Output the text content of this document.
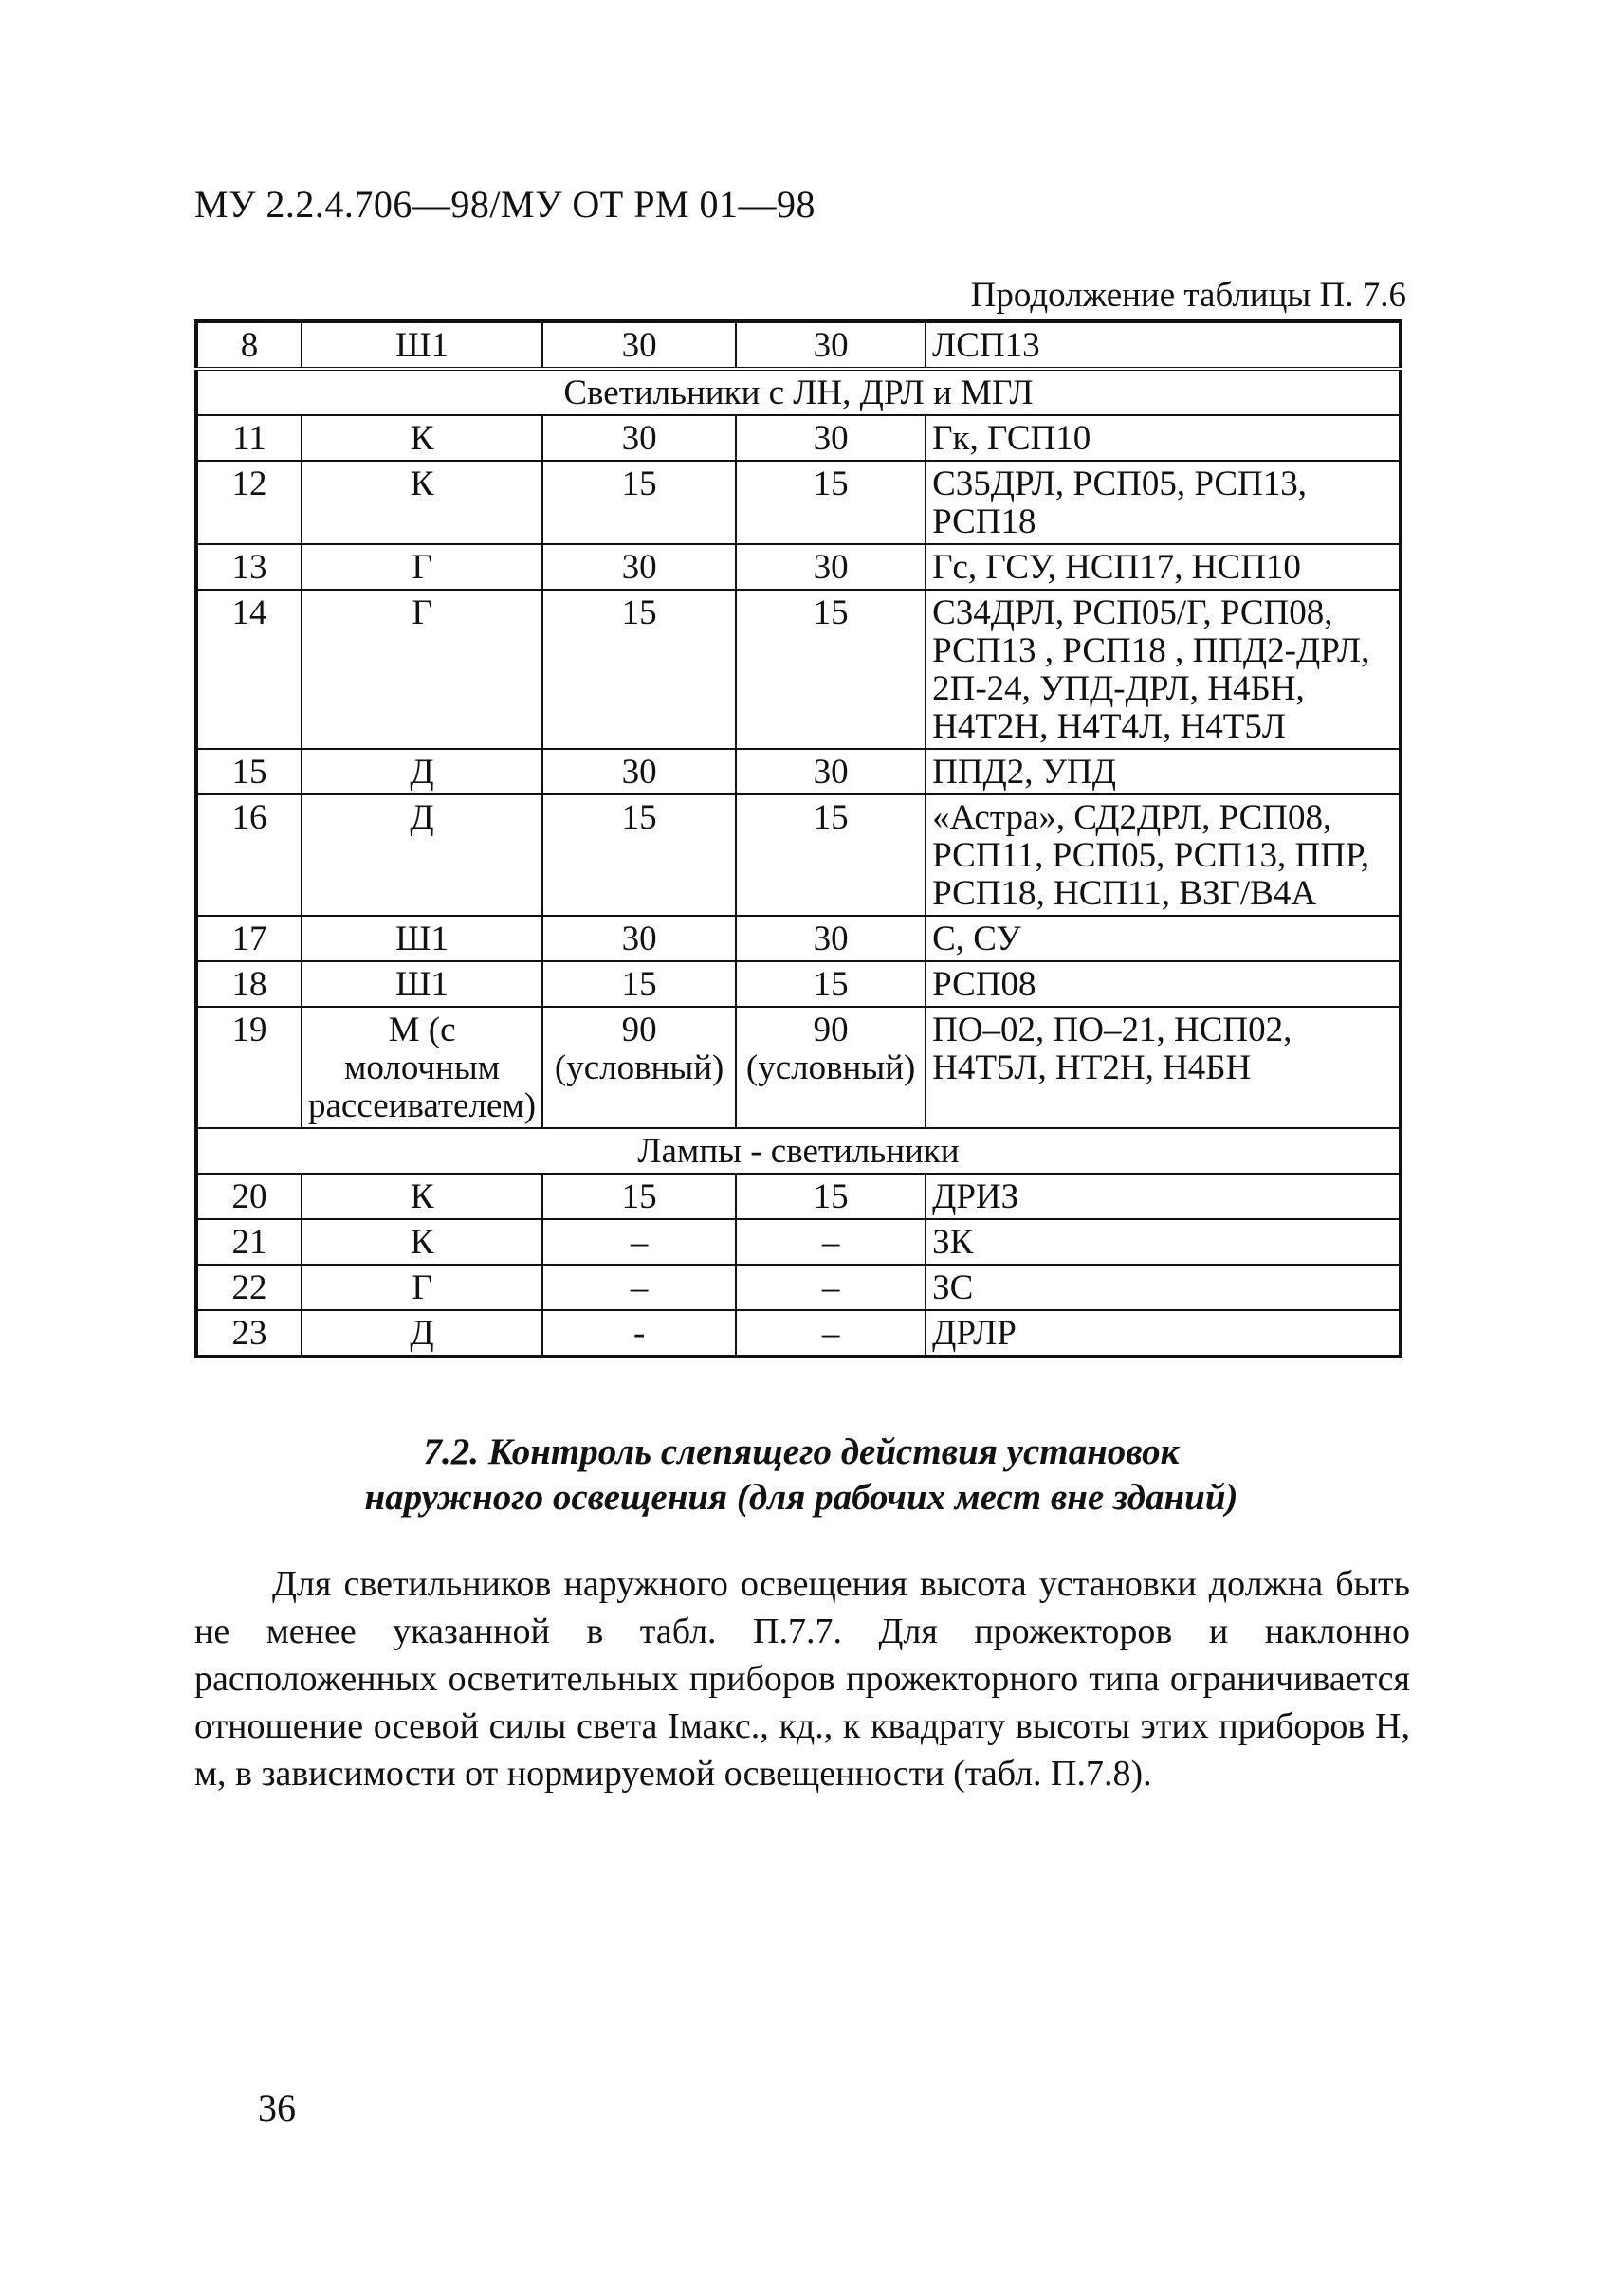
МУ 2.2.4.706—98/МУ ОТ РМ 01—98
Продолжение таблицы П. 7.6
8	Ш1	30	30	ЛСП13
Светильники с ЛН, ДРЛ и МГЛ				
11	К	30	30	Гк, ГСП10
12	К	15	15	С35ДРЛ, РСП05, РСП13, РСП18
13	Г	30	30	Гс, ГСУ, НСП17, НСП10
14	Г	15	15	С34ДРЛ, РСП05/Г, РСП08, РСП13 , РСП18 , ППД2-ДРЛ, 2П-24, УПД-ДРЛ, Н4БН, Н4Т2Н, Н4Т4Л, Н4Т5Л
15	Д	30	30	ППД2, УПД
16	Д	15	15	«Астра», СД2ДРЛ, РСП08, РСП11, РСП05, РСП13, ППР, РСП18, НСП11, ВЗГ/В4А
17	Ш1	30	30	С, СУ
18	Ш1	15	15	РСП08
19	М (с молочным рассеивателем)	90 (условный)	90 (условный)	ПО–02, ПО–21, НСП02, Н4Т5Л, НТ2Н, Н4БН
Лампы - светильники				
20	К	15	15	ДРИЗ
21	К	–	–	ЗК
22	Г	–	–	ЗС
23	Д	-	–	ДРЛР
7.2. Контроль слепящего действия установок
наружного освещения (для рабочих мест вне зданий)
Для светильников наружного освещения высота установки должна быть не менее указанной в табл. П.7.7. Для прожекторов и наклонно расположенных осветительных приборов прожекторного типа ограничивается отношение осевой силы света Iмакс., кд., к квадрату высоты этих приборов Н, м, в зависимости от нормируемой освещенности (табл. П.7.8).
36
